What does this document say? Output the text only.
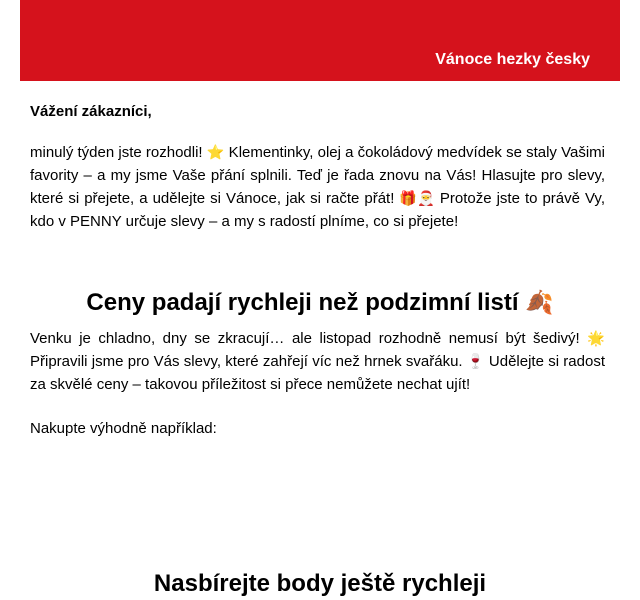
Vánoce hezky česky
Vážení zákazníci,

minulý týden jste rozhodli! ⭐ Klementinky, olej a čokoládový medvídek se staly Vašimi favority – a my jsme Vaše přání splnili. Teď je řada znovu na Vás! Hlasujte pro slevy, které si přejete, a udělejte si Vánoce, jak si račte přát! 🎁🎅 Protože jste to právě Vy, kdo v PENNY určuje slevy – a my s radostí plníme, co si přejete!

Ceny padají rychleji než podzimní listí 🍂

Venku je chladno, dny se zkracují… ale listopad rozhodně nemusí být šedivý! 🌟 Připravili jsme pro Vás slevy, které zahřejí víc než hrnek svařáku. 🍷 Udělejte si radost za skvělé ceny – takovou příležitost si přece nemůžete nechat ujít!

Nakupte výhodně například:

Nasbírejte body ještě rychleji
